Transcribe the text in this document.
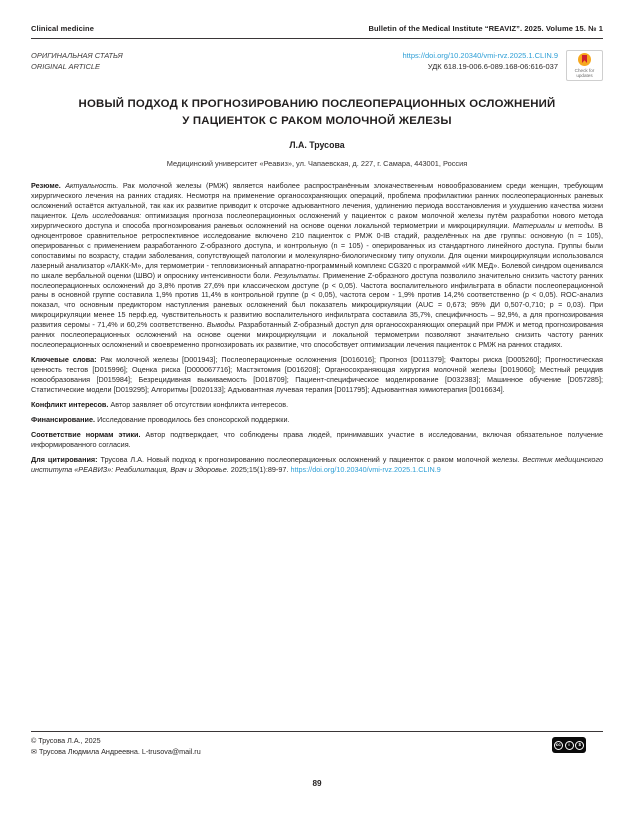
Clinical medicine	Bulletin of the Medical Institute “REAVIZ”. 2025. Volume 15. № 1
ОРИГИНАЛЬНАЯ СТАТЬЯ
ORIGINAL ARTICLE
https://doi.org/10.20340/vmi-rvz.2025.1.CLIN.9
УДК 618.19-006.6-089.168-06:616-037	Check for updates
НОВЫЙ ПОДХОД К ПРОГНОЗИРОВАНИЮ ПОСЛЕОПЕРАЦИОННЫХ ОСЛОЖНЕНИЙ
У ПАЦИЕНТОК С РАКОМ МОЛОЧНОЙ ЖЕЛЕЗЫ
Л.А. Трусова
Медицинский университет «Реавиз», ул. Чапаевская, д. 227, г. Самара, 443001, Россия

Резюме. Актуальность. Рак молочной железы (РМЖ) является наиболее распространённым злокачественным новообразованием среди женщин, требующим хирургического лечения на ранних стадиях. Несмотря на применение органосохраняющих операций, проблема профилактики ранних послеоперационных раневых осложнений остаётся актуальной, так как их развитие приводит к отсрочке адъювантного лечения, удлинению периода восстановления и ухудшению качества жизни пациенток. Цель исследования: оптимизация прогноза послеоперационных осложнений у пациенток с раком молочной железы путём разработки нового метода хирургического доступа и способа прогнозирования раневых осложнений на основе оценки локальной термометрии и микроциркуляции. Материалы и методы. В одноцентровое сравнительное ретроспективное исследование включено 210 пациенток с РМЖ 0-IB стадий, разделённых на две группы: основную (n = 105), оперированных с применением разработанного Z-образного доступа, и контрольную (n = 105) - оперированных из стандартного линейного доступа. Группы были сопоставимы по возрасту, стадии заболевания, сопутствующей патологии и молекулярно-биологическому типу опухоли. Для оценки микроциркуляции использовался лазерный анализатор «ЛАКК-М», для термометрии - тепловизионный аппаратно-программный комплекс CG320 с программой «ИК МЕД». Болевой синдром оценивался по шкале вербальной оценки (ШВО) и опроснику интенсивности боли. Результаты. Применение Z-образного доступа позволило значительно снизить частоту ранних послеоперационных осложнений до 3,8% против 27,6% при классическом доступе (p < 0,05). Частота воспалительного инфильтрата в области послеоперационной раны в основной группе составила 1,9% против 11,4% в контрольной группе (p < 0,05), частота сером - 1,9% против 14,2% соответственно (p < 0,05). ROC-анализ показал, что основным предиктором наступления раневых осложнений был показатель микроциркуляции (AUC = 0,673; 95% ДИ 0,507-0,710; p = 0,03). При микроциркуляции менее 15 перф.ед. чувствительность к развитию воспалительного инфильтрата составила 35,7%, специфичность – 92,9%, а для прогнозирования развития серомы - 71,4% и 60,2% соответственно. Выводы. Разработанный Z-образный доступ для органосохраняющих операций при РМЖ и метод прогнозирования ранних послеоперационных осложнений на основе оценки микроциркуляции и локальной термометрии позволяют значительно снизить частоту ранних послеоперационных осложнений и своевременно прогнозировать их развитие, что способствует оптимизации лечения пациенток с РМЖ на ранних стадиях.

Ключевые слова: Рак молочной железы [D001943]; Послеоперационные осложнения [D016016]; Прогноз [D011379]; Факторы риска [D005260]; Прогностическая ценность тестов [D015996]; Оценка риска [D000067716]; Мастэктомия [D016208]; Органосохраняющая хирургия молочной железы [D019060]; Местный рецидив новообразования [D015984]; Безрецидивная выживаемость [D018709]; Пациент-специфическое моделирование [D032383]; Машинное обучение [D057285]; Статистические модели [D019295]; Алгоритмы [D020133]; Адъювантная лучевая терапия [D011795]; Адъювантная химиотерапия [D016634].

Конфликт интересов. Автор заявляет об отсутствии конфликта интересов.

Финансирование. Исследование проводилось без спонсорской поддержки.

Соответствие нормам этики. Автор подтверждает, что соблюдены права людей, принимавших участие в исследовании, включая обязательное получение информированного согласия.

Для цитирования: Трусова Л.А. Новый подход к прогнозированию послеоперационных осложнений у пациенток с раком молочной железы. Вестник медицинского института «РЕАВИЗ»: Реабилитация, Врач и Здоровье. 2025;15(1):89-97. https://doi.org/10.20340/vmi-rvz.2025.1.CLIN.9

© Трусова Л.А., 2025
✉ Трусова Людмила Андреевна. L-trusova@mail.ru
cc	i	$
89
